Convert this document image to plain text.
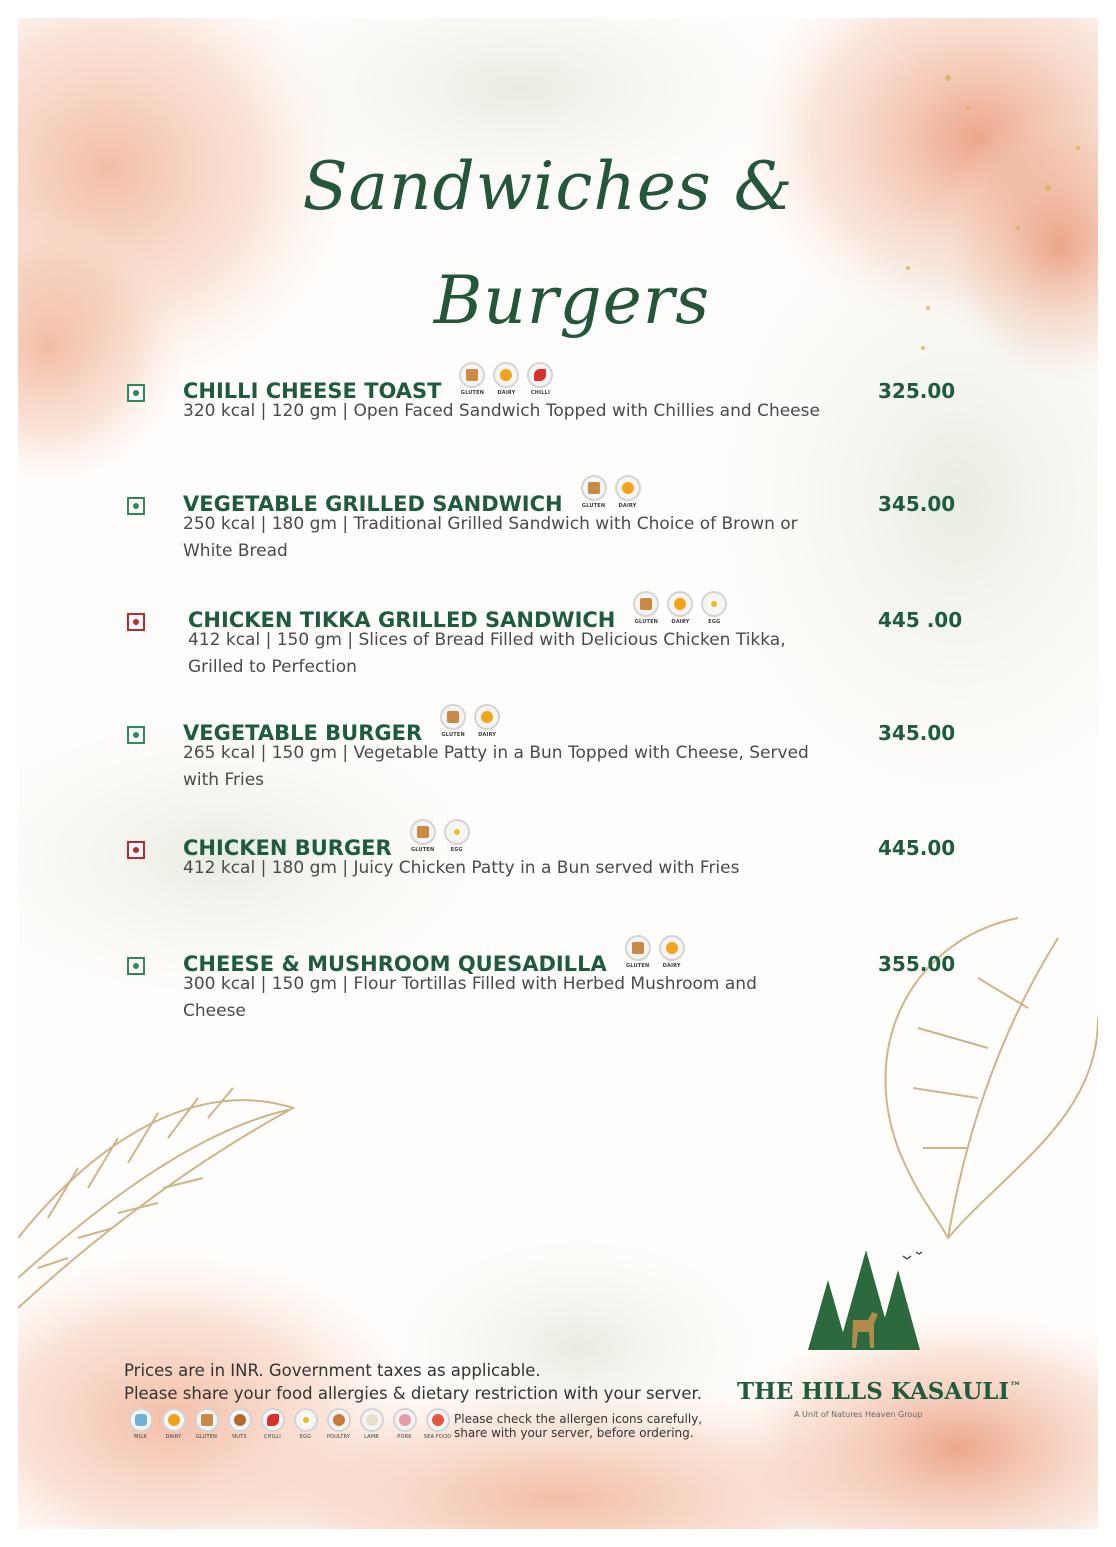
Sandwiches &
Burgers
CHILLI CHEESE TOAST	GLUTEN	DAIRY	CHILLI
320 kcal | 120 gm | Open Faced Sandwich Topped with Chillies and Cheese
325.00
VEGETABLE GRILLED SANDWICH	GLUTEN	DAIRY
250 kcal | 180 gm | Traditional Grilled Sandwich with Choice of Brown or White Bread
345.00
CHICKEN TIKKA GRILLED SANDWICH	GLUTEN	DAIRY	EGG
412 kcal | 150 gm | Slices of Bread Filled with Delicious Chicken Tikka, Grilled to Perfection
445 .00
VEGETABLE BURGER	GLUTEN	DAIRY
265 kcal | 150 gm | Vegetable Patty in a Bun Topped with Cheese, Served with Fries
345.00
CHICKEN BURGER	GLUTEN	EGG
412 kcal | 180 gm | Juicy Chicken Patty in a Bun served with Fries
445.00
CHEESE & MUSHROOM QUESADILLA	GLUTEN	DAIRY
300 kcal | 150 gm | Flour Tortillas Filled with Herbed Mushroom and Cheese
355.00
Prices are in INR. Government taxes as applicable.
Please share your food allergies & dietary restriction with your server.
MILK	DAIRY	GLUTEN	NUTS	CHILLI	EGG	POULTRY	LAMB	PORK SEA FOOD
Please check the allergen icons carefully,
share with your server, before ordering.
THE HILLS KASAULI™
A Unit of Natures Heaven Group
